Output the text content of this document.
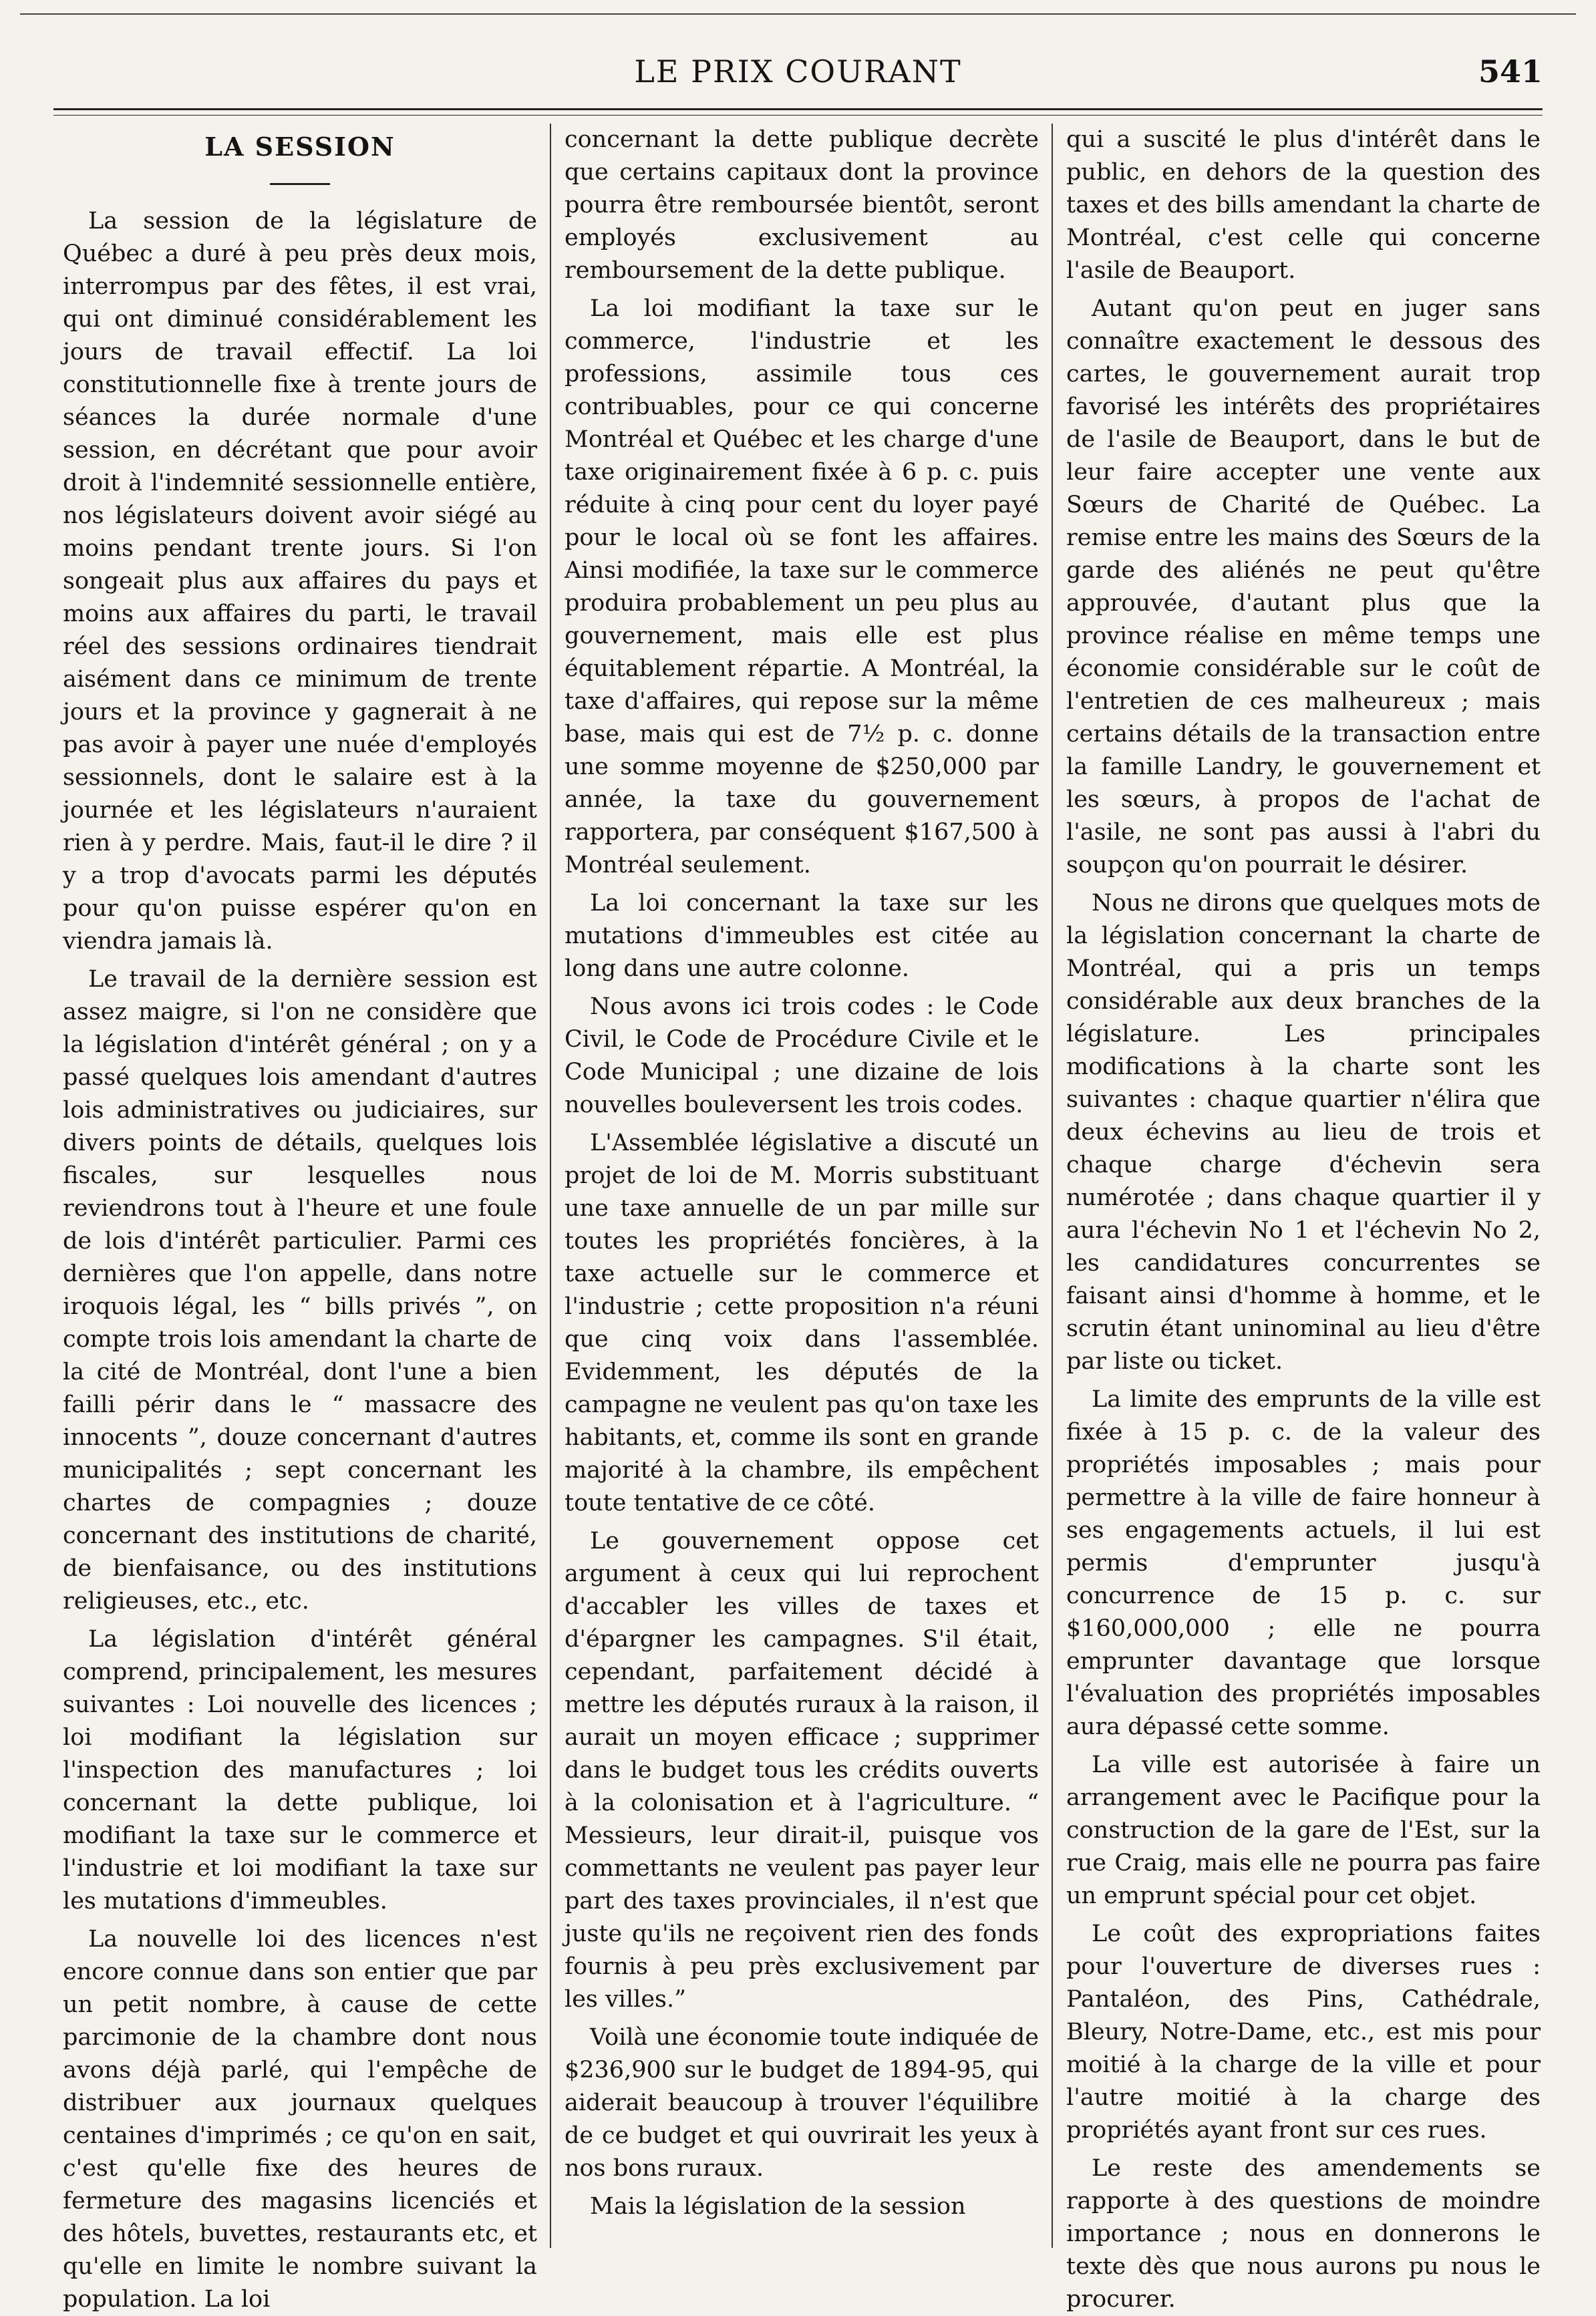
LE PRIX COURANT	541
LA SESSION

La session de la législature de Québec a duré à peu près deux mois, interrompus par des fêtes, il est vrai, qui ont diminué considérablement les jours de travail effectif. La loi constitutionnelle fixe à trente jours de séances la durée normale d'une session, en décrétant que pour avoir droit à l'indemnité sessionnelle entière, nos législateurs doivent avoir siégé au moins pendant trente jours. Si l'on songeait plus aux affaires du pays et moins aux affaires du parti, le travail réel des sessions ordinaires tiendrait aisément dans ce minimum de trente jours et la province y gagnerait à ne pas avoir à payer une nuée d'employés sessionnels, dont le salaire est à la journée et les législateurs n'auraient rien à y perdre. Mais, faut-il le dire ? il y a trop d'avocats parmi les députés pour qu'on puisse espérer qu'on en viendra jamais là.

Le travail de la dernière session est assez maigre, si l'on ne considère que la législation d'intérêt général ; on y a passé quelques lois amendant d'autres lois administratives ou judiciaires, sur divers points de détails, quelques lois fiscales, sur lesquelles nous reviendrons tout à l'heure et une foule de lois d'intérêt particulier. Parmi ces dernières que l'on appelle, dans notre iroquois légal, les “ bills privés ”, on compte trois lois amendant la charte de la cité de Montréal, dont l'une a bien failli périr dans le “ massacre des innocents ”, douze concernant d'autres municipalités ; sept concernant les chartes de compagnies ; douze concernant des institutions de charité, de bienfaisance, ou des institutions religieuses, etc., etc.

La législation d'intérêt général comprend, principalement, les mesures suivantes : Loi nouvelle des licences ; loi modifiant la législation sur l'inspection des manufactures ; loi concernant la dette publique, loi modifiant la taxe sur le commerce et l'industrie et loi modifiant la taxe sur les mutations d'immeubles.

La nouvelle loi des licences n'est encore connue dans son entier que par un petit nombre, à cause de cette parcimonie de la chambre dont nous avons déjà parlé, qui l'empêche de distribuer aux journaux quelques centaines d'imprimés ; ce qu'on en sait, c'est qu'elle fixe des heures de fermeture des magasins licenciés et des hôtels, buvettes, restaurants etc, et qu'elle en limite le nombre suivant la population. La loi

concernant la dette publique decrète que certains capitaux dont la province pourra être remboursée bientôt, seront employés exclusivement au remboursement de la dette publique.

La loi modifiant la taxe sur le commerce, l'industrie et les professions, assimile tous ces contribuables, pour ce qui concerne Montréal et Québec et les charge d'une taxe originairement fixée à 6 p. c. puis réduite à cinq pour cent du loyer payé pour le local où se font les affaires. Ainsi modifiée, la taxe sur le commerce produira probablement un peu plus au gouvernement, mais elle est plus équitablement répartie. A Montréal, la taxe d'affaires, qui repose sur la même base, mais qui est de 7½ p. c. donne une somme moyenne de $250,000 par année, la taxe du gouvernement rapportera, par conséquent $167,500 à Montréal seulement.

La loi concernant la taxe sur les mutations d'immeubles est citée au long dans une autre colonne.

Nous avons ici trois codes : le Code Civil, le Code de Procédure Civile et le Code Municipal ; une dizaine de lois nouvelles bouleversent les trois codes.

L'Assemblée législative a discuté un projet de loi de M. Morris substituant une taxe annuelle de un par mille sur toutes les propriétés foncières, à la taxe actuelle sur le commerce et l'industrie ; cette proposition n'a réuni que cinq voix dans l'assemblée. Evidemment, les députés de la campagne ne veulent pas qu'on taxe les habitants, et, comme ils sont en grande majorité à la chambre, ils empêchent toute tentative de ce côté.

Le gouvernement oppose cet argument à ceux qui lui reprochent d'accabler les villes de taxes et d'épargner les campagnes. S'il était, cependant, parfaitement décidé à mettre les députés ruraux à la raison, il aurait un moyen efficace ; supprimer dans le budget tous les crédits ouverts à la colonisation et à l'agriculture. “ Messieurs, leur dirait-il, puisque vos commettants ne veulent pas payer leur part des taxes provinciales, il n'est que juste qu'ils ne reçoivent rien des fonds fournis à peu près exclusivement par les villes.”

Voilà une économie toute indiquée de $236,900 sur le budget de 1894-95, qui aiderait beaucoup à trouver l'équilibre de ce budget et qui ouvrirait les yeux à nos bons ruraux.

Mais la législation de la session

qui a suscité le plus d'intérêt dans le public, en dehors de la question des taxes et des bills amendant la charte de Montréal, c'est celle qui concerne l'asile de Beauport.

Autant qu'on peut en juger sans connaître exactement le dessous des cartes, le gouvernement aurait trop favorisé les intérêts des propriétaires de l'asile de Beauport, dans le but de leur faire accepter une vente aux Sœurs de Charité de Québec. La remise entre les mains des Sœurs de la garde des aliénés ne peut qu'être approuvée, d'autant plus que la province réalise en même temps une économie considérable sur le coût de l'entretien de ces malheureux ; mais certains détails de la transaction entre la famille Landry, le gouvernement et les sœurs, à propos de l'achat de l'asile, ne sont pas aussi à l'abri du soupçon qu'on pourrait le désirer.

Nous ne dirons que quelques mots de la législation concernant la charte de Montréal, qui a pris un temps considérable aux deux branches de la législature. Les principales modifications à la charte sont les suivantes : chaque quartier n'élira que deux échevins au lieu de trois et chaque charge d'échevin sera numérotée ; dans chaque quartier il y aura l'échevin No 1 et l'échevin No 2, les candidatures concurrentes se faisant ainsi d'homme à homme, et le scrutin étant uninominal au lieu d'être par liste ou ticket.

La limite des emprunts de la ville est fixée à 15 p. c. de la valeur des propriétés imposables ; mais pour permettre à la ville de faire honneur à ses engagements actuels, il lui est permis d'emprunter jusqu'à concurrence de 15 p. c. sur $160,000,000 ; elle ne pourra emprunter davantage que lorsque l'évaluation des propriétés imposables aura dépassé cette somme.

La ville est autorisée à faire un arrangement avec le Pacifique pour la construction de la gare de l'Est, sur la rue Craig, mais elle ne pourra pas faire un emprunt spécial pour cet objet.

Le coût des expropriations faites pour l'ouverture de diverses rues : Pantaléon, des Pins, Cathédrale, Bleury, Notre-Dame, etc., est mis pour moitié à la charge de la ville et pour l'autre moitié à la charge des propriétés ayant front sur ces rues.

Le reste des amendements se rapporte à des questions de moindre importance ; nous en donnerons le texte dès que nous aurons pu nous le procurer.
